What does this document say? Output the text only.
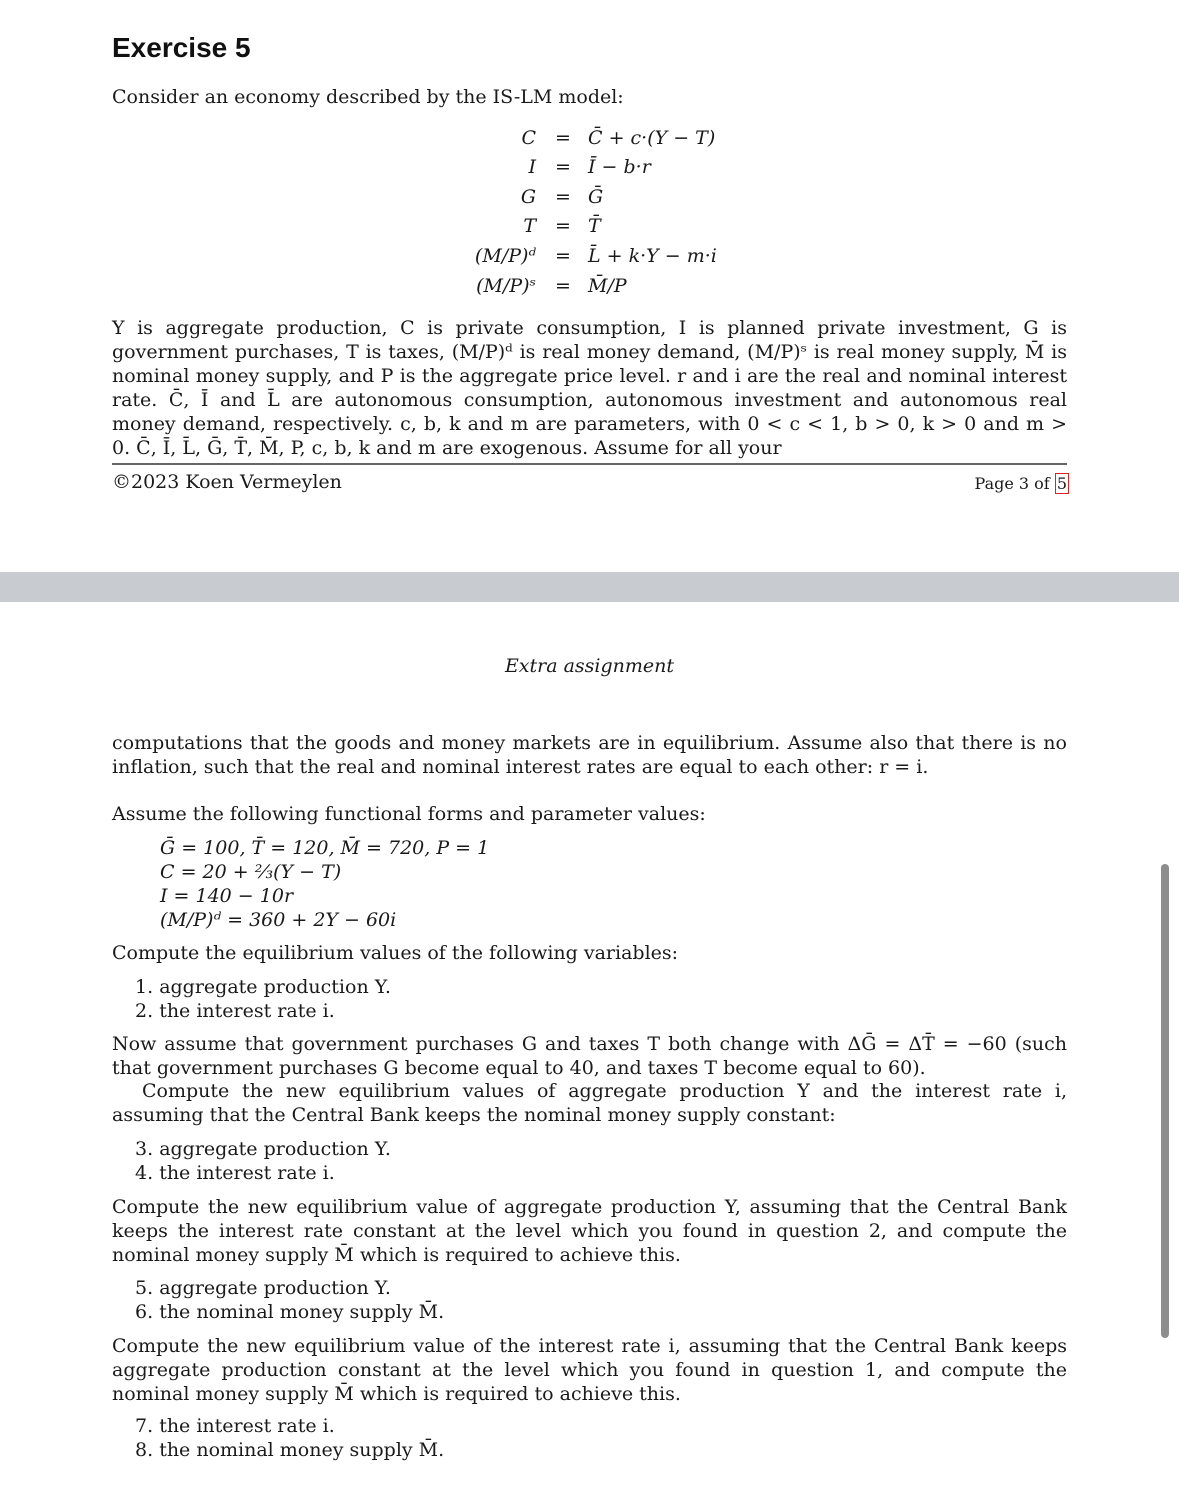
Exercise 5

Consider an economy described by the IS-LM model:

C = C̄ + c·(Y − T)
I = Ī − b·r
G = Ḡ
T = T̄
(M/P)ᵈ = L̄ + k·Y − m·i
(M/P)ˢ = M̄/P

Y is aggregate production, C is private consumption, I is planned private investment, G is government purchases, T is taxes, (M/P)ᵈ is real money demand, (M/P)ˢ is real money supply, M̄ is nominal money supply, and P is the aggregate price level. r and i are the real and nominal interest rate. C̄, Ī and L̄ are autonomous consumption, autonomous investment and autonomous real money demand, respectively. c, b, k and m are parameters, with 0 < c < 1, b > 0, k > 0 and m > 0. C̄, Ī, L̄, Ḡ, T̄, M̄, P, c, b, k and m are exogenous. Assume for all your

©2023 Koen Vermeylen	Page 3 of 5
Extra assignment

computations that the goods and money markets are in equilibrium. Assume also that there is no inflation, such that the real and nominal interest rates are equal to each other: r = i.

Assume the following functional forms and parameter values:

Ḡ = 100, T̄ = 120, M̄ = 720, P = 1
C = 20 + ⅔(Y − T)
I = 140 − 10r
(M/P)ᵈ = 360 + 2Y − 60i

Compute the equilibrium values of the following variables:

1. aggregate production Y.
2. the interest rate i.

Now assume that government purchases G and taxes T both change with ΔḠ = ΔT̄ = −60 (such that government purchases G become equal to 40, and taxes T become equal to 60).

Compute the new equilibrium values of aggregate production Y and the interest rate i, assuming that the Central Bank keeps the nominal money supply constant:

3. aggregate production Y.
4. the interest rate i.

Compute the new equilibrium value of aggregate production Y, assuming that the Central Bank keeps the interest rate constant at the level which you found in question 2, and compute the nominal money supply M̄ which is required to achieve this.

5. aggregate production Y.
6. the nominal money supply M̄.

Compute the new equilibrium value of the interest rate i, assuming that the Central Bank keeps aggregate production constant at the level which you found in question 1, and compute the nominal money supply M̄ which is required to achieve this.

7. the interest rate i.
8. the nominal money supply M̄.
